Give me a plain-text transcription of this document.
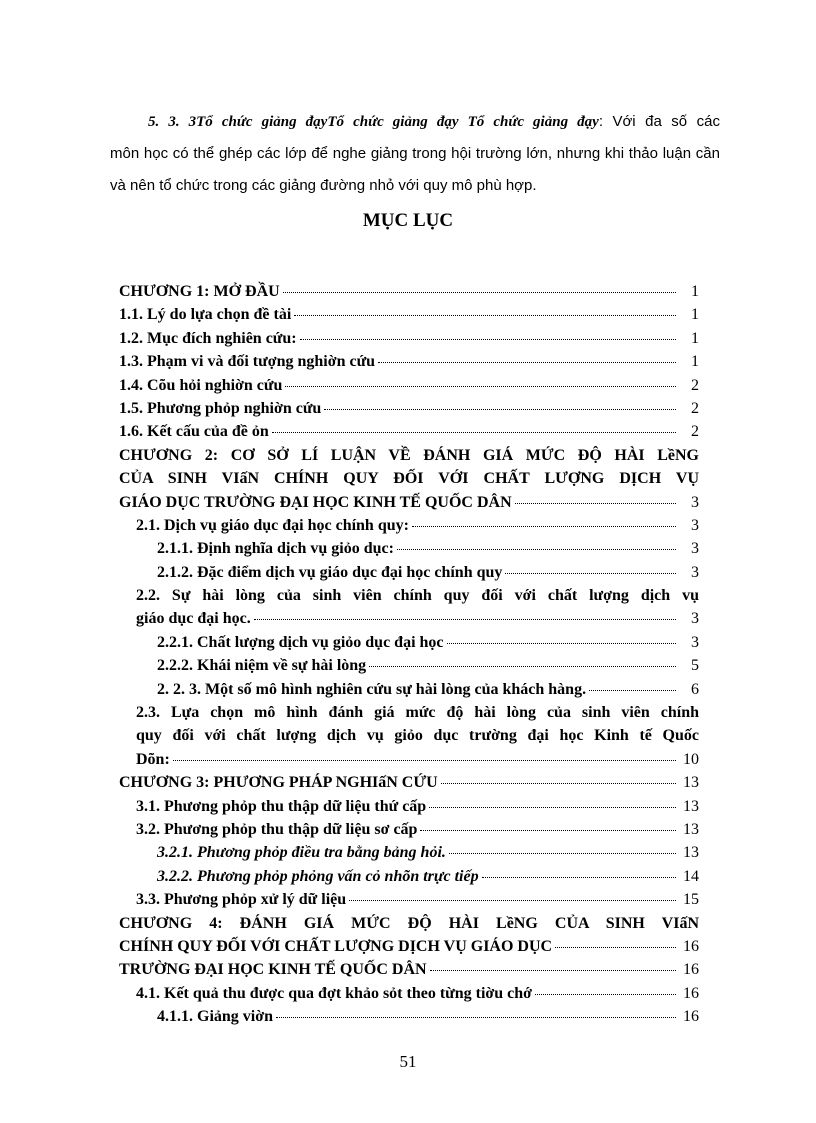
5. 3. 3Tổ chức giảng đạyTổ chức giảng đạy Tổ chức giảng đạy: Với đa số các
môn học có thể ghép các lớp để nghe giảng trong hội trường lớn, nhưng khi thảo luận cần
và nên tổ chức trong các giảng đường nhỏ với quy mô phù hợp.
MỤC LỤC
CHƯƠNG 1: MỞ ĐẦU	1
1.1. Lý do lựa chọn đề tài	1
1.2. Mục đích nghiên cứu:	1
1.3. Phạm vi và đối tượng nghiờn cứu	1
1.4. Cõu hỏi nghiờn cứu	2
1.5. Phương phỏp nghiờn cứu	2
1.6. Kết cấu của đề ỏn	2
CHƯƠNG 2: CƠ SỞ LÍ LUẬN VỀ ĐÁNH GIÁ MỨC ĐỘ HÀI LềNG
CỦA SINH VIấN CHÍNH QUY ĐỐI VỚI CHẤT LƯỢNG DỊCH VỤ
GIÁO DỤC TRƯỜNG ĐẠI HỌC KINH TẾ QUỐC DÂN	3
2.1. Dịch vụ giáo dục đại học chính quy:	3
2.1.1. Định nghĩa dịch vụ giỏo dục:	3
2.1.2. Đặc điểm dịch vụ giáo dục đại học chính quy	3
2.2. Sự hài lòng của sinh viên chính quy đối với chất lượng dịch vụ
giáo dục đại học.	3
2.2.1. Chất lượng dịch vụ giỏo dục đại học	3
2.2.2. Khái niệm về sự hài lòng	5
2. 2. 3. Một số mô hình nghiên cứu sự hài lòng của khách hàng.	6
2.3. Lựa chọn mô hình đánh giá mức độ hài lòng của sinh viên chính
quy đối với chất lượng dịch vụ giỏo dục trường đại học Kinh tế Quốc
Dõn:	10
CHƯƠNG 3: PHƯƠNG PHÁP NGHIấN CỨU	13
3.1. Phương phỏp thu thập dữ liệu thứ cấp	13
3.2. Phương phỏp thu thập dữ liệu sơ cấp	13
3.2.1. Phương phỏp điều tra bằng bảng hỏi.	13
3.2.2. Phương phỏp phỏng vấn cỏ nhõn trực tiếp	14
3.3. Phương phỏp xử lý dữ liệu	15
CHƯƠNG 4: ĐÁNH GIÁ MỨC ĐỘ HÀI LềNG CỦA SINH VIấN
CHÍNH QUY ĐỐI VỚI CHẤT LƯỢNG DỊCH VỤ GIÁO DỤC	16
TRƯỜNG ĐẠI HỌC KINH TẾ QUỐC DÂN	16
4.1. Kết quả thu được qua đợt khảo sỏt theo từng tiờu chớ	16
4.1.1. Giảng viờn	16
51
